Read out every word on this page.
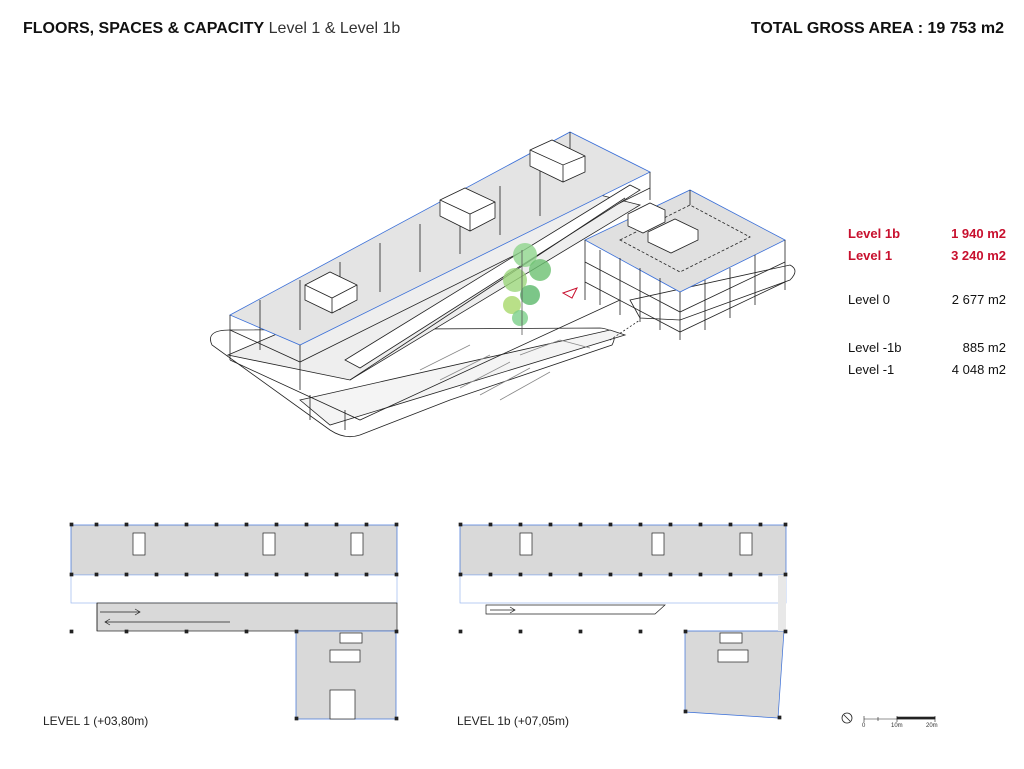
FLOORS, SPACES & CAPACITY Level 1 & Level 1b	TOTAL GROSS AREA : 19 753 m2
Level 1b	1 940 m2
Level 1	3 240 m2
Level 0	2 677 m2
Level -1b	885 m2
Level -1	4 048 m2
LEVEL 1 (+03,80m)	LEVEL 1b (+07,05m)	0	10m	20m
